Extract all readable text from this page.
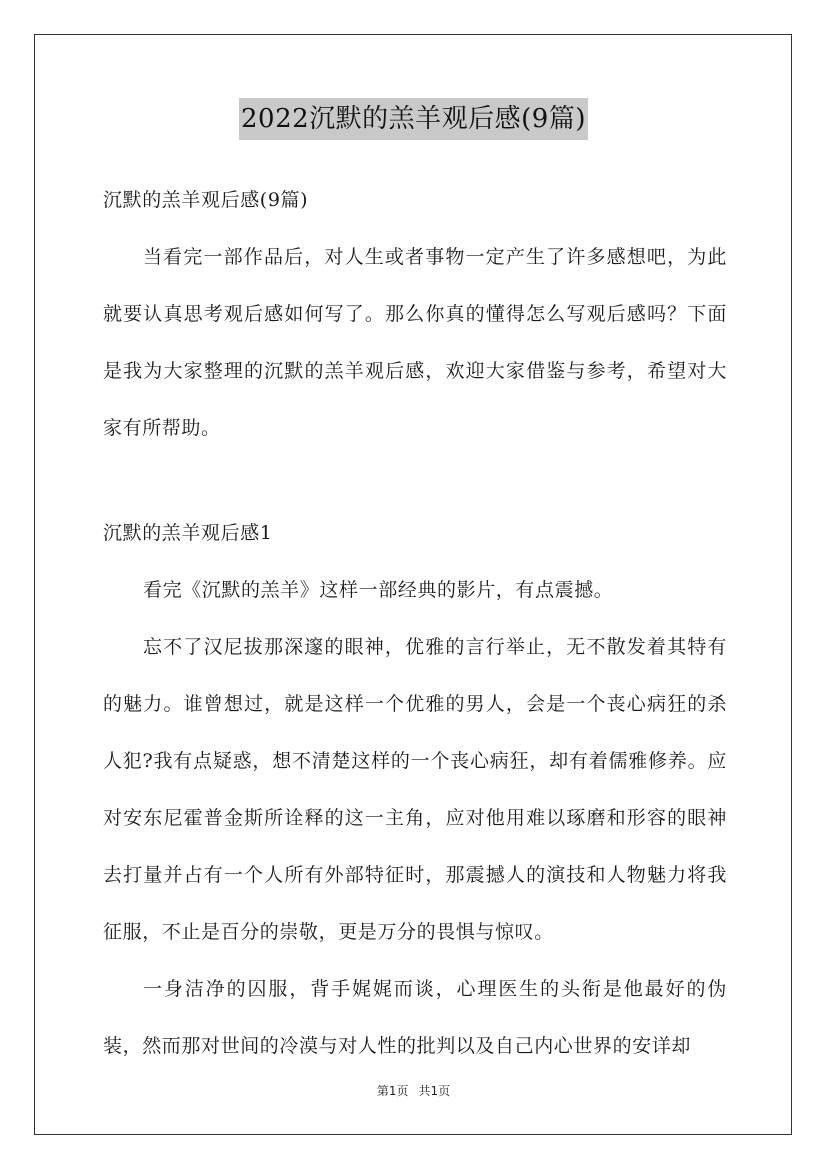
2022沉默的羔羊观后感(9篇)

沉默的羔羊观后感(9篇)

当看完一部作品后，对人生或者事物一定产生了许多感想吧，为此就要认真思考观后感如何写了。那么你真的懂得怎么写观后感吗？下面是我为大家整理的沉默的羔羊观后感，欢迎大家借鉴与参考，希望对大家有所帮助。

沉默的羔羊观后感1

看完《沉默的羔羊》这样一部经典的影片，有点震撼。

忘不了汉尼拔那深邃的眼神，优雅的言行举止，无不散发着其特有的魅力。谁曾想过，就是这样一个优雅的男人，会是一个丧心病狂的杀人犯?我有点疑惑，想不清楚这样的一个丧心病狂，却有着儒雅修养。应对安东尼霍普金斯所诠释的这一主角，应对他用难以琢磨和形容的眼神去打量并占有一个人所有外部特征时，那震撼人的演技和人物魅力将我征服，不止是百分的崇敬，更是万分的畏惧与惊叹。

一身洁净的囚服，背手娓娓而谈，心理医生的头衔是他最好的伪装，然而那对世间的冷漠与对人性的批判以及自己内心世界的安详却

第1页 共1页
